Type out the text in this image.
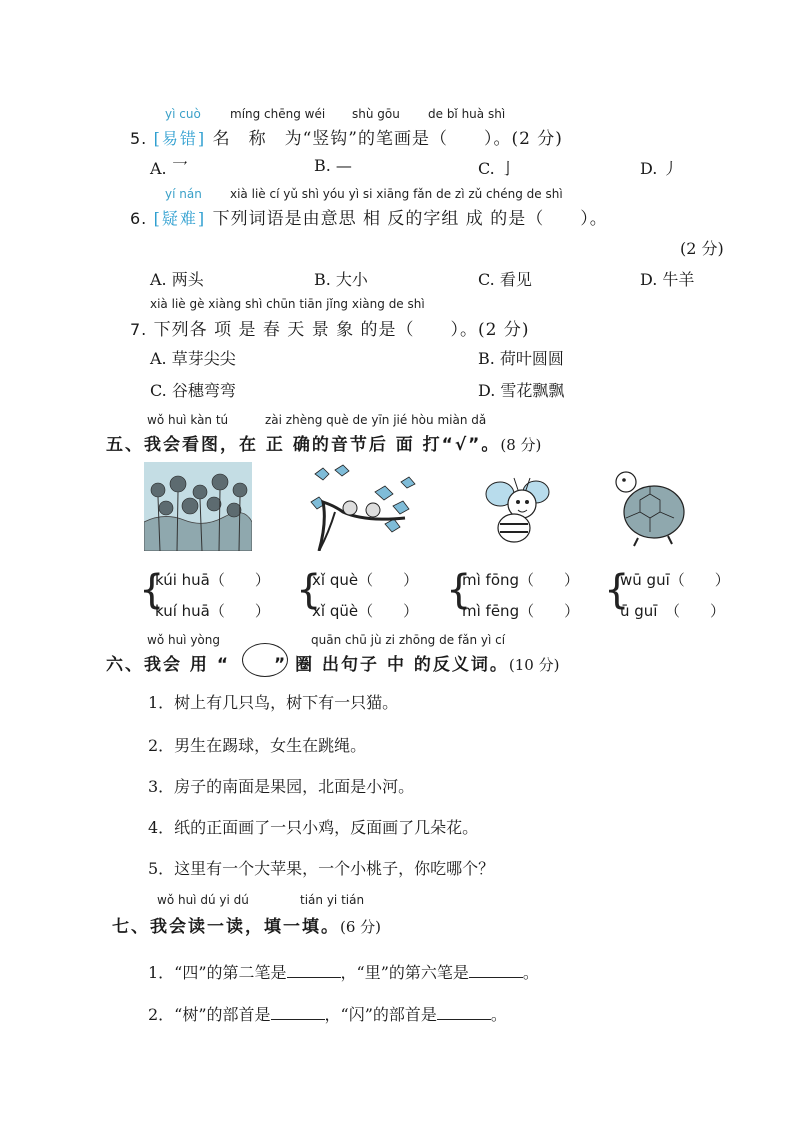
yì cuò míng chēng wéi shù gōu de bǐ huà shì
5. [易错] 名　称　为“竖钩”的笔画是（　　）。(2 分)
A. 乛	B. —	C. 亅	D. 丿
yí nán xià liè cí yǔ shì yóu yì si xiāng fǎn de zì zǔ chéng de shì
6. [疑难] 下列词语是由意思 相 反的字组 成 的是（　　）。
(2 分)
A. 两头	B. 大小	C. 看见	D. 牛羊
xià liè gè xiàng shì chūn tiān jǐng xiàng de shì
7. 下列各 项 是 春 天 景 象 的是（　　）。(2 分)
A. 草芽尖尖	B. 荷叶圆圆
C. 谷穗弯弯	D. 雪花飘飘
wǒ huì kàn tú	zài zhèng què de yīn jié hòu miàn dǎ
五、我会看图，在 正 确的音节后 面 打“√”。(8 分)
{
kúi huā（　　）
kuí huā（　　） {
xǐ què（　　）
xǐ qüè（　　） {
mì fōng（　　）
mì fēng（　　） {
wū guī（　　）
ū guī　（　　）
wǒ huì yòng	quān chū jù zi zhōng de fǎn yì cí
六、我会 用 “	” 圈 出句子 中 的反义词。(10 分)
1．树上有几只鸟，树下有一只猫。
2．男生在踢球，女生在跳绳。
3．房子的南面是果园，北面是小河。
4．纸的正面画了一只小鸡，反面画了几朵花。
5．这里有一个大苹果，一个小桃子，你吃哪个？
wǒ huì dú yi dú	tián yi tián
七、我会读一读，填一填。(6 分)
1．“四”的第二笔是	，“里”的第六笔是	。
2．“树”的部首是	，“闪”的部首是	。
